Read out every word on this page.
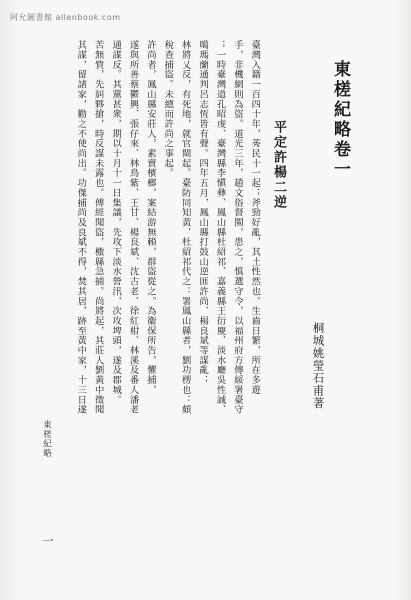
阿允圖書館 allenbook.com
東槎紀略卷一
桐城姚瑩石甫著
平定許楊二逆
臺灣入籍一百四十年，莠民十一起；斧勁好亂，其土性然也。生齒日繁，所在多遊
手，非機網則為盜。道光三年，趙文俗督閩，患之，慎選守令，以福州府方傳綏署臺守
；一時臺灣道孔昭虔、臺灣縣李愼彝、鳳山縣杜紹祁、嘉義縣王衍慶、淡水廳吳性誠、
噶瑪蘭通判呂志恆皆有聲。四年五月，鳳山縣打鼓山逆匪許尚、楊良斌等謀亂；
林將乂反，有死地，就官閘起。臺防同知黃，杜紹祁代之：署鳳山縣者，劉功楞也：頗
稅查捕盜。未總而許尚之事起。
許尚者，鳳山縣安莊人，素賣檳榔，案結游無賴，群盜從之。為衞保所告，懼捕，
遂與所善蔡鬱興、張仔來、林鳥紫、王甘、楊良斌、沈古老、徐紅柑、林溪及番人潘老
通謀反。其黨甚衆，期以十月十一日集議，先攻下淡水營汛，次攻埤頭，遂及郡城。
苦無貲，先糾夥搶，時反謀未露也。傅經聞盜，檄縣急捕。尚將起，其莊人劉黃中徵聞
其謀，留諸家，勸之不使尚出。功傑捕尚及良斌不得，焚其居，跡至黃中家，十三日遂
東槎紀略
一
